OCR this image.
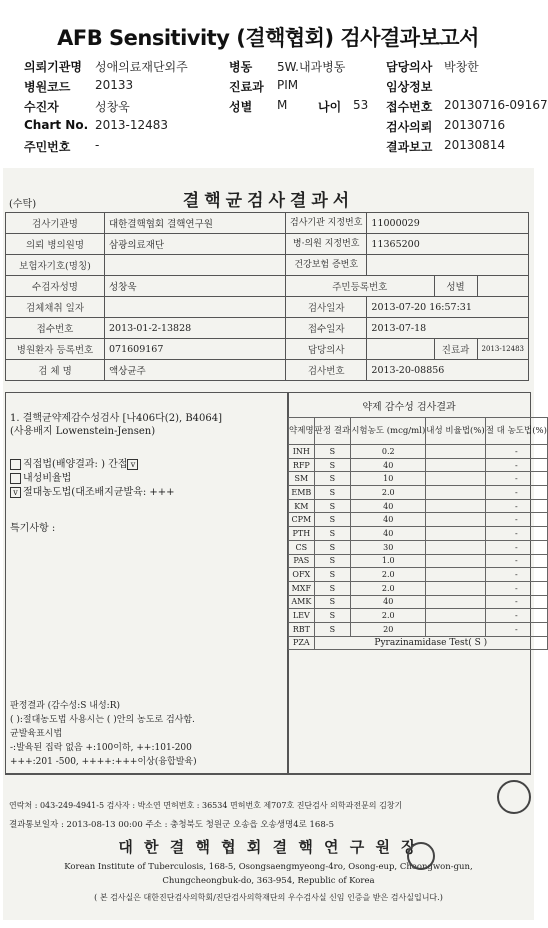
AFB Sensitivity (결핵협회) 검사결과보고서
의뢰기관명 성애의료재단외주	병동 5W.내과병동	담당의사 박창한
병원코드 20133	진료과 PIM	임상정보
수진자	성창욱	성별 M	나이 53 접수번호 20130716-09167
Chart No. 2013-12483	검사의뢰 20130716
주민번호 -	결과보고 20130814
(수탁)	결핵균검사결과서
검사기관명	대한결핵협회 결핵연구원	검사기관 지정번호	11000029		
의뢰 병의원명	삼광의료재단	병·의원 지정번호	11365200		
보험자기호(명칭)		건강보험 증번호			
수검자성명	성창욱	주민등록번호		성별	
검체채취 일자		검사일자	2013-07-20 16:57:31		
접수번호	2013-01-2-13828	접수일자	2013-07-18		
병원환자 등록번호	071609167	담당의사		진료과	2013-12483
검 체 명	액상균주	검사번호	2013-20-08856		
1. 결핵균약제감수성검사 [나406다(2), B4064]
(사용배지 Lowenstein-Jensen)
직접법(배양결과: ) 간접 v
내성비율법
v 절대농도법(대조배지균발육: +++
특기사항 :
약제 감수성 검사결과
약제명	판정 결과	시험농도 (mcg/ml)	내성 비율법(%)	절 대 농도법(%)
INH	S	0.2		-
RFP	S	40		-
SM	S	10		-
EMB	S	2.0		-
KM	S	40		-
CPM	S	40		-
PTH	S	40		-
CS	S	30		-
PAS	S	1.0		-
OFX	S	2.0		-
MXF	S	2.0		-
AMK	S	40		-
LEV	S	2.0		-
RBT	S	20		-
PZA	Pyrazinamidase Test( S )			
판정결과 (감수성:S 내성:R)
( ):절대농도법 사용시는 ( )안의 농도로 검사함.
균발육표시법
-:발육된 집락 없음 +:100이하, ++:101-200
+++:201 -500, ++++:+++이상(융합발육)
연락처 : 043-249-4941-5 검사자 : 박소연 면허번호 : 36534 면허번호 제707호 진단검사 의학과전문의 김창기
결과통보일자 : 2013-08-13 00:00 주소 : 충청북도 청원군 오송읍 오송생명4로 168-5
대 한 결 핵 협 회 결 핵 연 구 원 장
Korean Institute of Tuberculosis, 168-5, Osongsaengmyeong-4ro, Osong-eup, Cheongwon-gun,
Chungcheongbuk-do, 363-954, Republic of Korea
( 본 검사실은 대한진단검사의학회/진단검사의학재단의 우수검사실 신임 인증을 받은 검사실입니다.)
